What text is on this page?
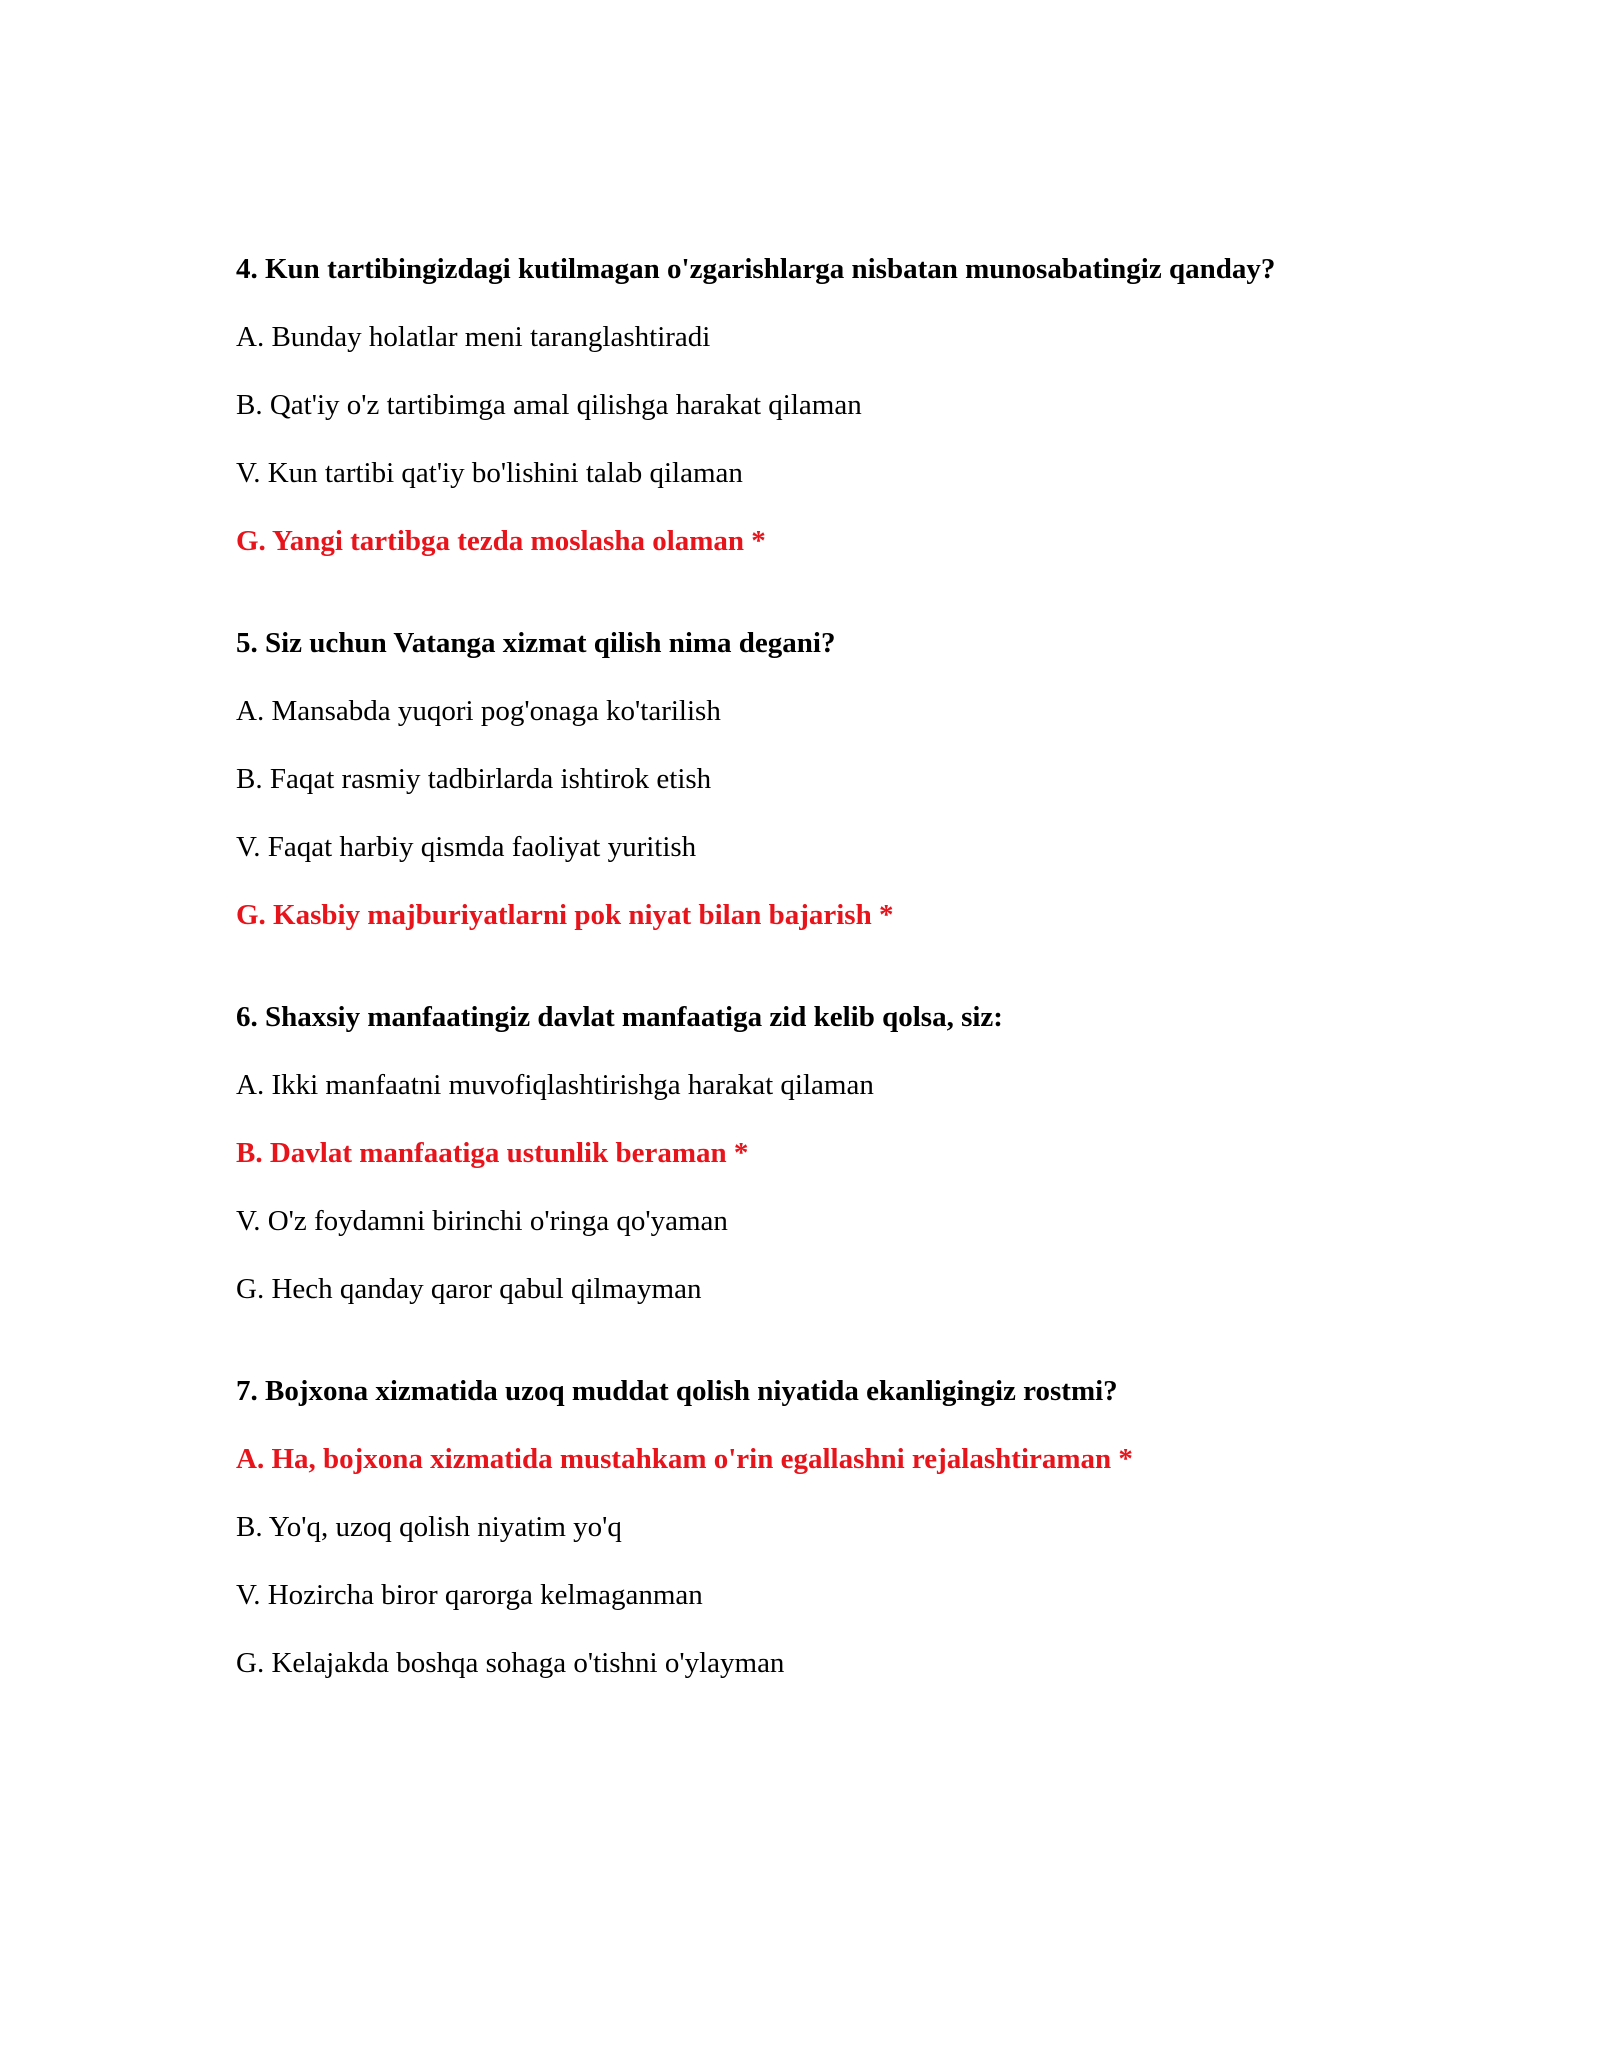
4. Kun tartibingizdagi kutilmagan o'zgarishlarga nisbatan munosabatingiz qanday?
A. Bunday holatlar meni taranglashtiradi
B. Qat'iy o'z tartibimga amal qilishga harakat qilaman
V. Kun tartibi qat'iy bo'lishini talab qilaman
G. Yangi tartibga tezda moslasha olaman *
5. Siz uchun Vatanga xizmat qilish nima degani?
A. Mansabda yuqori pog'onaga ko'tarilish
B. Faqat rasmiy tadbirlarda ishtirok etish
V. Faqat harbiy qismda faoliyat yuritish
G. Kasbiy majburiyatlarni pok niyat bilan bajarish *
6. Shaxsiy manfaatingiz davlat manfaatiga zid kelib qolsa, siz:
A. Ikki manfaatni muvofiqlashtirishga harakat qilaman
B. Davlat manfaatiga ustunlik beraman *
V. O'z foydamni birinchi o'ringa qo'yaman
G. Hech qanday qaror qabul qilmayman
7. Bojxona xizmatida uzoq muddat qolish niyatida ekanligingiz rostmi?
A. Ha, bojxona xizmatida mustahkam o'rin egallashni rejalashtiraman *
B. Yo'q, uzoq qolish niyatim yo'q
V. Hozircha biror qarorga kelmaganman
G. Kelajakda boshqa sohaga o'tishni o'ylayman
